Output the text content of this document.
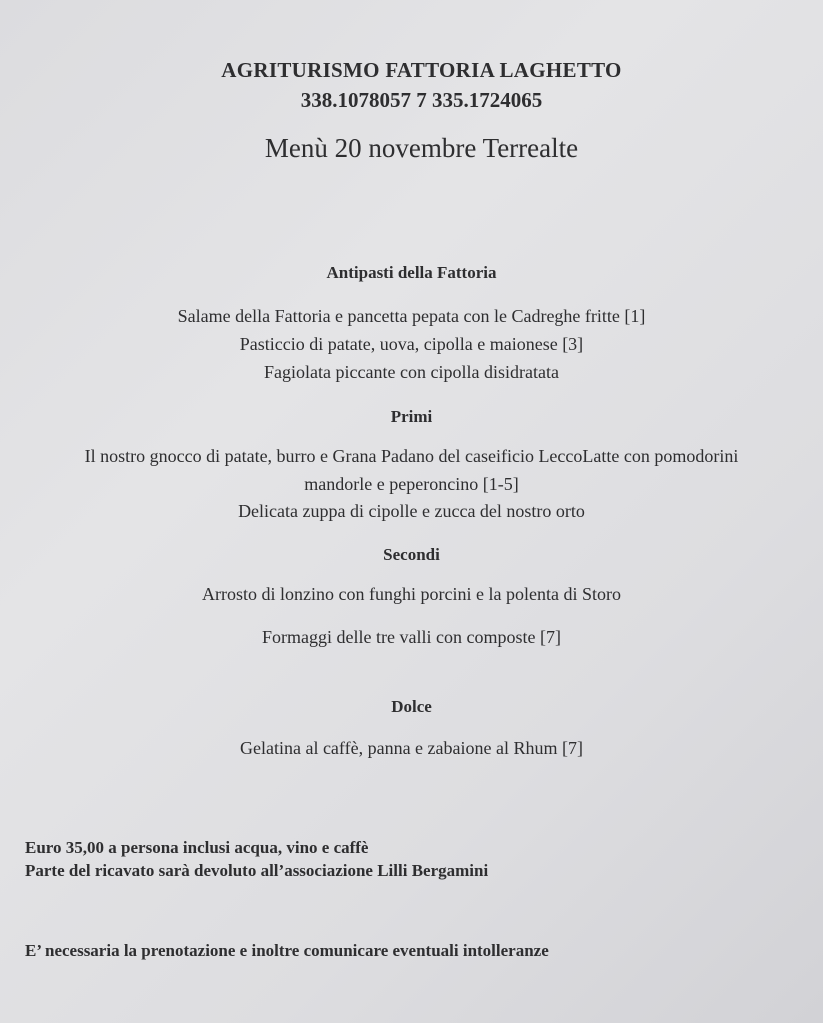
AGRITURISMO FATTORIA LAGHETTO
338.1078057 7 335.1724065
Menù 20 novembre Terrealte
Antipasti della Fattoria
Salame della Fattoria e pancetta pepata con le Cadreghe fritte [1]
Pasticcio di patate, uova, cipolla e maionese [3]
Fagiolata piccante con cipolla disidratata
Primi
Il nostro gnocco di patate, burro e Grana Padano del caseificio LeccoLatte con pomodorini
mandorle e peperoncino [1-5]
Delicata zuppa di cipolle e zucca del nostro orto
Secondi
Arrosto di lonzino con funghi porcini e la polenta di Storo
Formaggi delle tre valli con composte [7]
Dolce
Gelatina al caffè, panna e zabaione al Rhum [7]
Euro 35,00 a persona inclusi acqua, vino e caffè
Parte del ricavato sarà devoluto all’associazione Lilli Bergamini
E’ necessaria la prenotazione e inoltre comunicare eventuali intolleranze
